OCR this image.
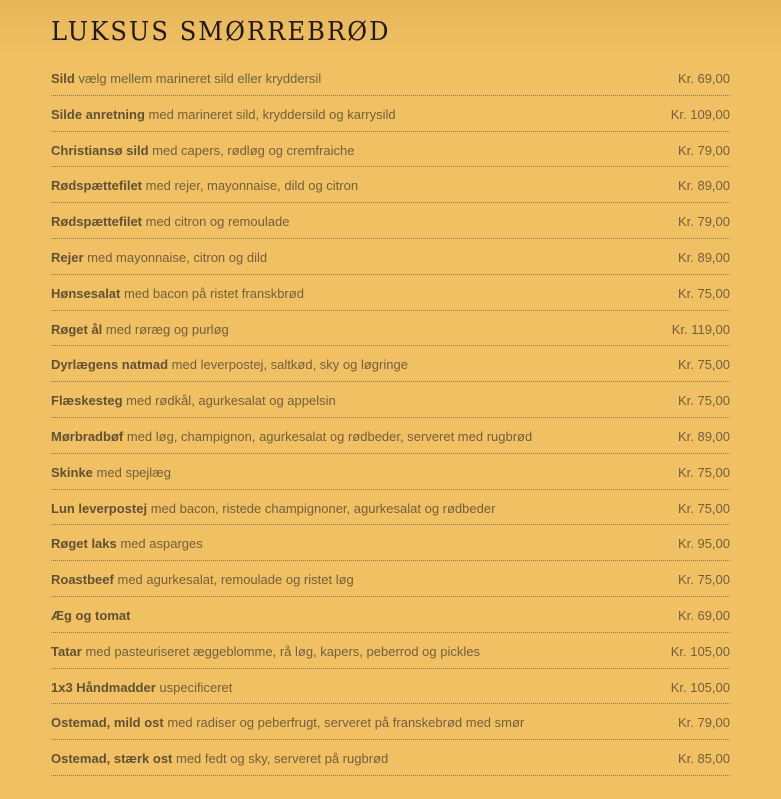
LUKSUS SMØRREBRØD
Sild vælg mellem marineret sild eller kryddersil	Kr. 69,00
Silde anretning med marineret sild, kryddersild og karrysild	Kr. 109,00
Christiansø sild med capers, rødløg og cremfraiche	Kr. 79,00
Rødspættefilet med rejer, mayonnaise, dild og citron	Kr. 89,00
Rødspættefilet med citron og remoulade	Kr. 79,00
Rejer med mayonnaise, citron og dild	Kr. 89,00
Hønsesalat med bacon på ristet franskbrød	Kr. 75,00
Røget ål med røræg og purløg	Kr. 119,00
Dyrlægens natmad med leverpostej, saltkød, sky og løgringe	Kr. 75,00
Flæskesteg med rødkål, agurkesalat og appelsin	Kr. 75,00
Mørbradbøf med løg, champignon, agurkesalat og rødbeder, serveret med rugbrød	Kr. 89,00
Skinke med spejlæg	Kr. 75,00
Lun leverpostej med bacon, ristede champignoner, agurkesalat og rødbeder	Kr. 75,00
Røget laks med asparges	Kr. 95,00
Roastbeef med agurkesalat, remoulade og ristet løg	Kr. 75,00
Æg og tomat	Kr. 69,00
Tatar med pasteuriseret æggeblomme, rå løg, kapers, peberrod og pickles	Kr. 105,00
1x3 Håndmadder uspecificeret	Kr. 105,00
Ostemad, mild ost med radiser og peberfrugt, serveret på franskebrød med smør	Kr. 79,00
Ostemad, stærk ost med fedt og sky, serveret på rugbrød	Kr. 85,00
